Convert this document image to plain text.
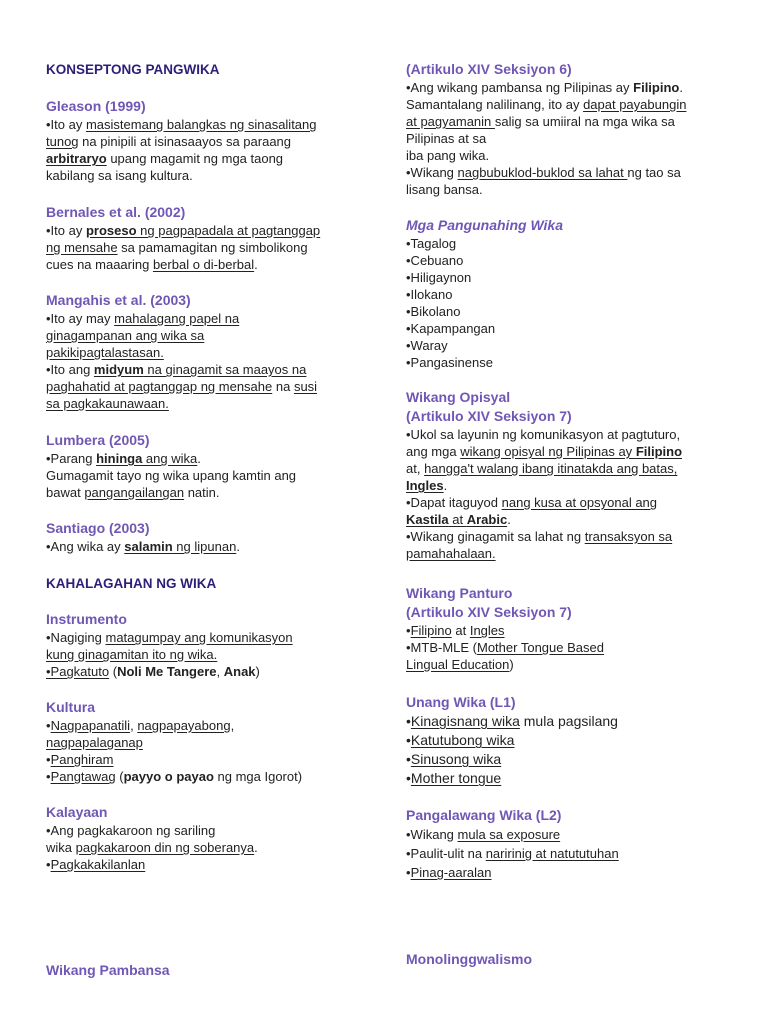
KONSEPTONG PANGWIKA
Gleason (1999)
•Ito ay masistemang balangkas ng sinasalitang
tunog na pinipili at isinasaayos sa paraang
arbitraryo upang magamit ng mga taong
kabilang sa isang kultura.
Bernales et al. (2002)
•Ito ay proseso ng pagpapadala at pagtanggap
ng mensahe sa pamamagitan ng simbolikong
cues na maaaring berbal o di-berbal.
Mangahis et al. (2003)
•Ito ay may mahalagang papel na
ginagampanan ang wika sa
pakikipagtalastasan.
•Ito ang midyum na ginagamit sa maayos na
paghahatid at pagtanggap ng mensahe na susi
sa pagkakaunawaan.
Lumbera (2005)
•Parang hininga ang wika.
Gumagamit tayo ng wika upang kamtin ang
bawat pangangailangan natin.
Santiago (2003)
•Ang wika ay salamin ng lipunan.
KAHALAGAHAN NG WIKA
Instrumento
•Nagiging matagumpay ang komunikasyon
kung ginagamitan ito ng wika.
•Pagkatuto (Noli Me Tangere, Anak)
Kultura
•Nagpapanatili, nagpapayabong,
nagpapalaganap
•Panghiram
•Pangtawag (payyo o payao ng mga Igorot)
Kalayaan
•Ang pagkakaroon ng sariling
wika pagkakaroon din ng soberanya.
•Pagkakakilanlan
Wikang Pambansa
(Artikulo XIV Seksiyon 6)
•Ang wikang pambansa ng Pilipinas ay Filipino.
Samantalang nalilinang, ito ay dapat payabungin
at pagyamanin salig sa umiiral na mga wika sa
Pilipinas at sa
iba pang wika.
•Wikang nagbubuklod-buklod sa lahat ng tao sa
lisang bansa.
Mga Pangunahing Wika
•Tagalog
•Cebuano
•Hiligaynon
•Ilokano
•Bikolano
•Kapampangan
•Waray
•Pangasinense
Wikang Opisyal
(Artikulo XIV Seksiyon 7)
•Ukol sa layunin ng komunikasyon at pagtuturo,
ang mga wikang opisyal ng Pilipinas ay Filipino
at, hangga't walang ibang itinatakda ang batas,
Ingles.
•Dapat itaguyod nang kusa at opsyonal ang
Kastila at Arabic.
•Wikang ginagamit sa lahat ng transaksyon sa
pamahahalaan.
Wikang Panturo
(Artikulo XIV Seksiyon 7)
•Filipino at Ingles
•MTB-MLE (Mother Tongue Based
Lingual Education)
Unang Wika (L1)
•Kinagisnang wika mula pagsilang
•Katutubong wika
•Sinusong wika
•Mother tongue
Pangalawang Wika (L2)
•Wikang mula sa exposure
•Paulit-ulit na naririnig at natututuhan
•Pinag-aaralan
Monolinggwalismo
